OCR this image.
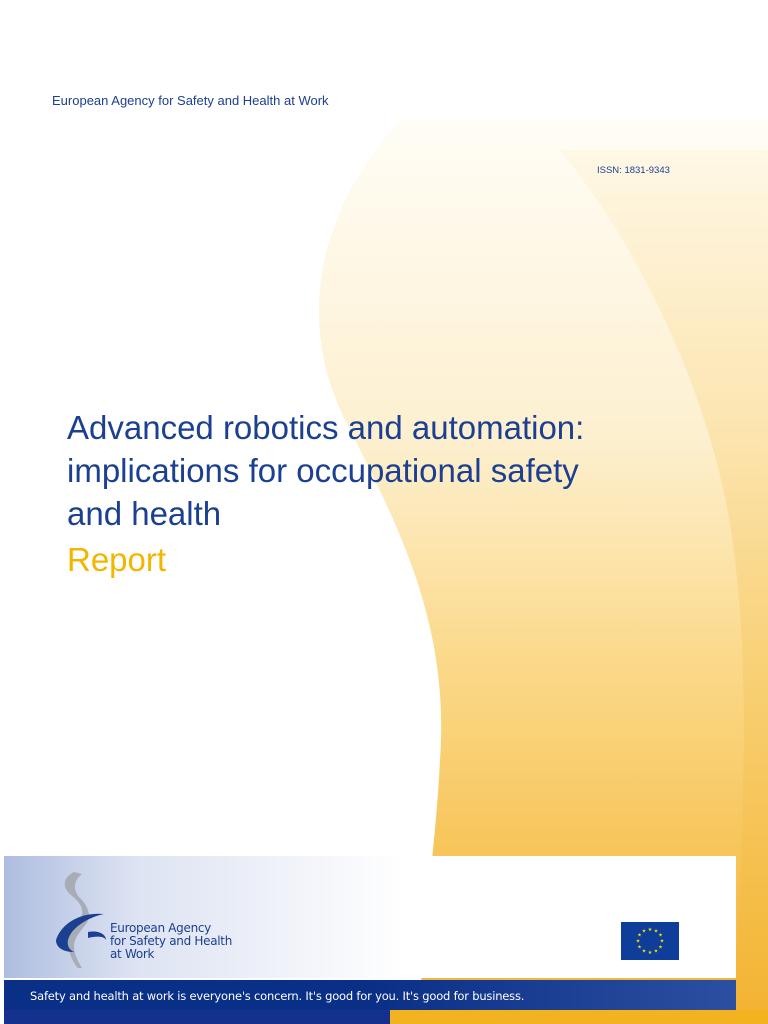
European Agency for Safety and Health at Work
ISSN: 1831-9343
Advanced robotics and automation:
implications for occupational safety
and health
Report
European Agency
for Safety and Health
at Work
★ ★
★
★
★
★
★
★
★
★
★
★
Safety and health at work is everyone's concern. It's good for you. It's good for business.
